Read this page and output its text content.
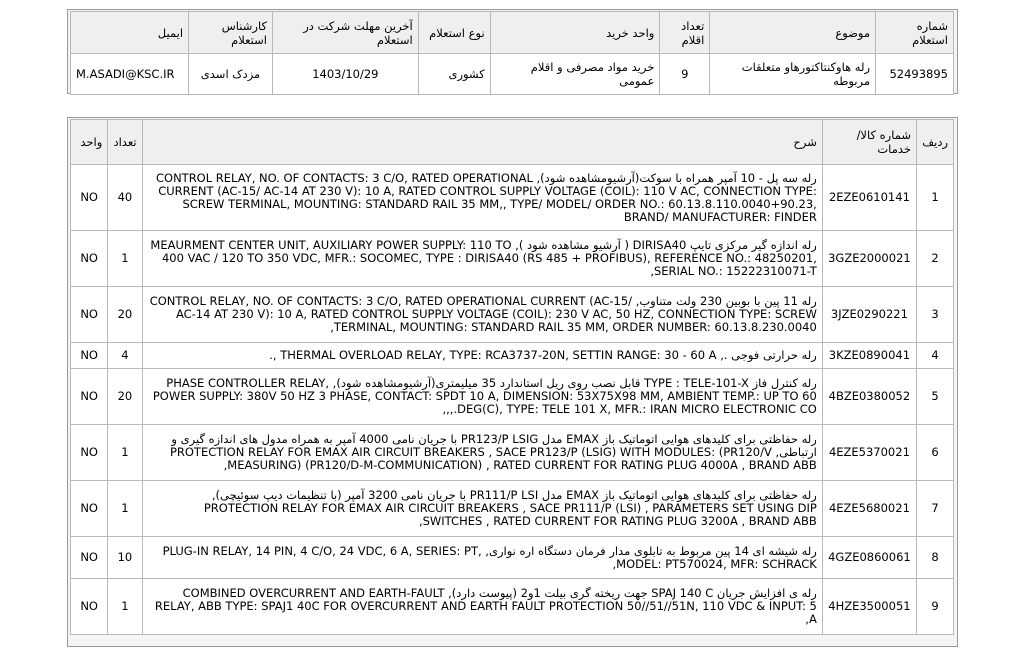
شماره استعلام	موضوع	تعداد اقلام	واحد خرید	نوع استعلام	آخرین مهلت شرکت در استعلام	کارشناس استعلام	ایمیل
52493895	رله هاوکنتاکتورهاو متعلقات مربوطه	9	خرید مواد مصرفی و اقلام عمومی	کشوری	1403/10/29	مزدک اسدی	M.ASADI@KSC.IR
ردیف	شماره کالا/خدمات	شرح	تعداد	واحد
1	2EZE0610141	رله سه پل - 10 آمپر همراه با سوکت(آرشیومشاهده شود), CONTROL RELAY, NO. OF CONTACTS: 3 C/O, RATED OPERATIONAL CURRENT (AC-15/ AC-14 AT 230 V): 10 A, RATED CONTROL SUPPLY VOLTAGE (COIL): 110 V AC, CONNECTION TYPE: SCREW TERMINAL, MOUNTING: STANDARD RAIL 35 MM,, TYPE/ MODEL/ ORDER NO.: 60.13.8.110.0040+90.23, BRAND/ MANUFACTURER: FINDER	40	NO
2	3GZE2000021	رله اندازه گیر مرکزی تایپ DIRISA40 ( آرشیو مشاهده شود ), MEAURMENT CENTER UNIT, AUXILIARY POWER SUPPLY: 110 TO 400 VAC / 120 TO 350 VDC, MFR.: SOCOMEC, TYPE : DIRISA40 (RS 485 + PROFIBUS), REFERENCE NO.: 48250201, SERIAL NO.: 15222310071-T,	1	NO
3	3JZE0290221	رله 11 پین با بوبین 230 ولت متناوب, CONTROL RELAY, NO. OF CONTACTS: 3 C/O, RATED OPERATIONAL CURRENT (AC-15/ AC-14 AT 230 V): 10 A, RATED CONTROL SUPPLY VOLTAGE (COIL): 230 V AC, 50 HZ, CONNECTION TYPE: SCREW TERMINAL, MOUNTING: STANDARD RAIL 35 MM, ORDER NUMBER: 60.13.8.230.0040,	20	NO
4	3KZE0890041	رله حرارتی فوجی ., THERMAL OVERLOAD RELAY, TYPE: RCA3737-20N, SETTIN RANGE: 30 - 60 A ,.	4	NO
5	4BZE0380052	رله کنترل فاز TYPE : TELE-101-X قابل نصب روی ریل استاندارد 35 میلیمتری(آرشیومشاهده شود), PHASE CONTROLLER RELAY, POWER SUPPLY: 380V 50 HZ 3 PHASE, CONTACT: SPDT 10 A, DIMENSION: 53X75X98 MM, AMBIENT TEMP.: UP TO 60 DEG(C), TYPE: TELE 101 X, MFR.: IRAN MICRO ELECTRONIC CO.,,,	20	NO
6	4EZE5370021	رله حفاظتی برای کلیدهای هوایی اتوماتیک باز EMAX مدل PR123/P LSIG با جریان نامی 4000 آمپر به همراه مدول های اندازه گیری و ارتباطی, PROTECTION RELAY FOR EMAX AIR CIRCUIT BREAKERS , SACE PR123/P (LSIG) WITH MODULES: (PR120/V MEASURING) (PR120/D-M-COMMUNICATION) , RATED CURRENT FOR RATING PLUG 4000A , BRAND ABB,	1	NO
7	4EZE5680021	رله حفاظتی برای کلیدهای هوایی اتوماتیک باز EMAX مدل PR111/P LSI با جریان نامی 3200 آمپر (با تنظیمات دیپ سوئیچی), PROTECTION RELAY FOR EMAX AIR CIRCUIT BREAKERS , SACE PR111/P (LSI) , PARAMETERS SET USING DIP SWITCHES , RATED CURRENT FOR RATING PLUG 3200A , BRAND ABB,	1	NO
8	4GZE0860061	رله شیشه ای 14 پین مربوط به تابلوی مدار فرمان دستگاه اره نواری, PLUG-IN RELAY, 14 PIN, 4 C/O, 24 VDC, 6 A, SERIES: PT, MODEL: PT570024, MFR: SCHRACK,	10	NO
9	4HZE3500051	رله ی افزایش جریان SPAJ 140 C جهت ریخته گری بیلت 1و2 (پیوست دارد), COMBINED OVERCURRENT AND EARTH-FAULT RELAY, ABB TYPE: SPAJ1 40C FOR OVERCURRENT AND EARTH FAULT PROTECTION 50//51//51N, 110 VDC & INPUT: 5 A,	1	NO
